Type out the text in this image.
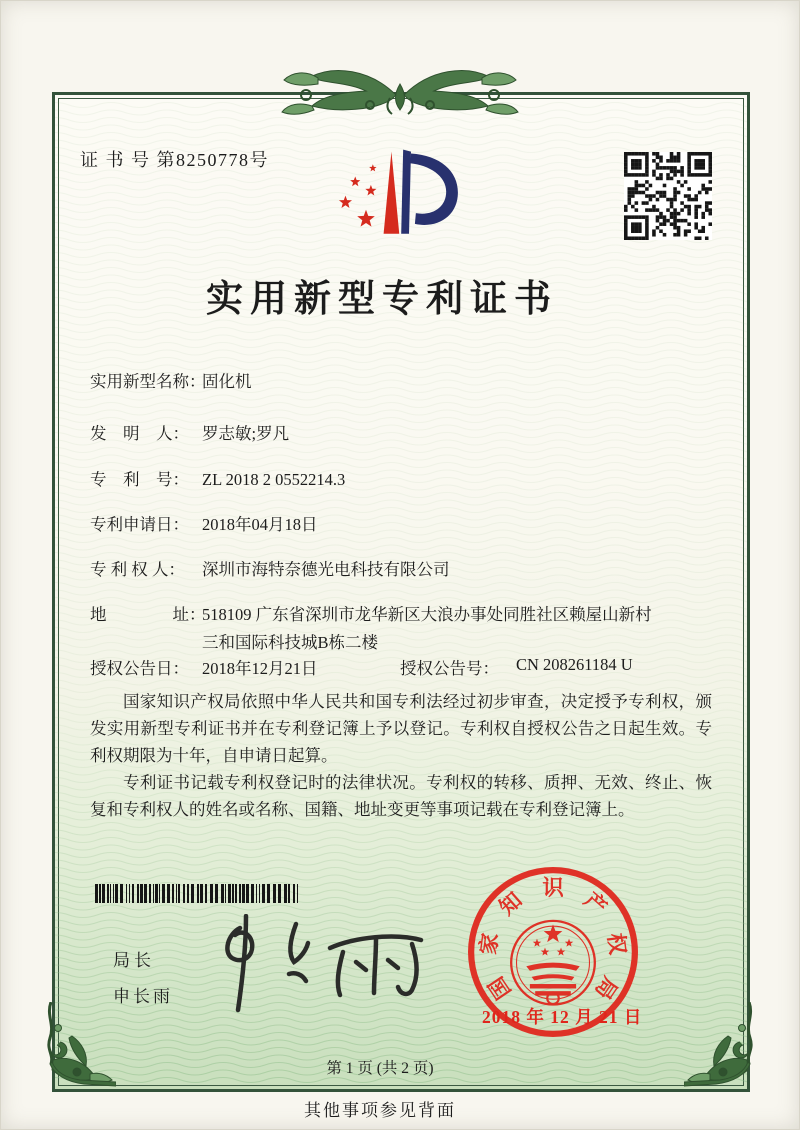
证 书 号 第8250778号
实用新型专利证书
实用新型名称：
固化机
发　明　人： 罗志敏;罗凡
专　利　号： ZL 2018 2 0552214.3
专利申请日： 2018年04月18日
专 利 权 人： 深圳市海特奈德光电科技有限公司
地　　　　址：
518109 广东省深圳市龙华新区大浪办事处同胜社区赖屋山新村三和国际科技城B栋二楼
授权公告日： 2018年12月21日	授权公告号： CN 208261184 U

国家知识产权局依照中华人民共和国专利法经过初步审查，决定授予专利权，颁发实用新型专利证书并在专利登记簿上予以登记。专利权自授权公告之日起生效。专利权期限为十年，自申请日起算。

专利证书记载专利权登记时的法律状况。专利权的转移、质押、无效、终止、恢复和专利权人的姓名或名称、国籍、地址变更等事项记载在专利登记簿上。

局长
申长雨	国
家
知 识 产
权
局
2018 年 12 月 21 日
第 1 页 (共 2 页)
其他事项参见背面
